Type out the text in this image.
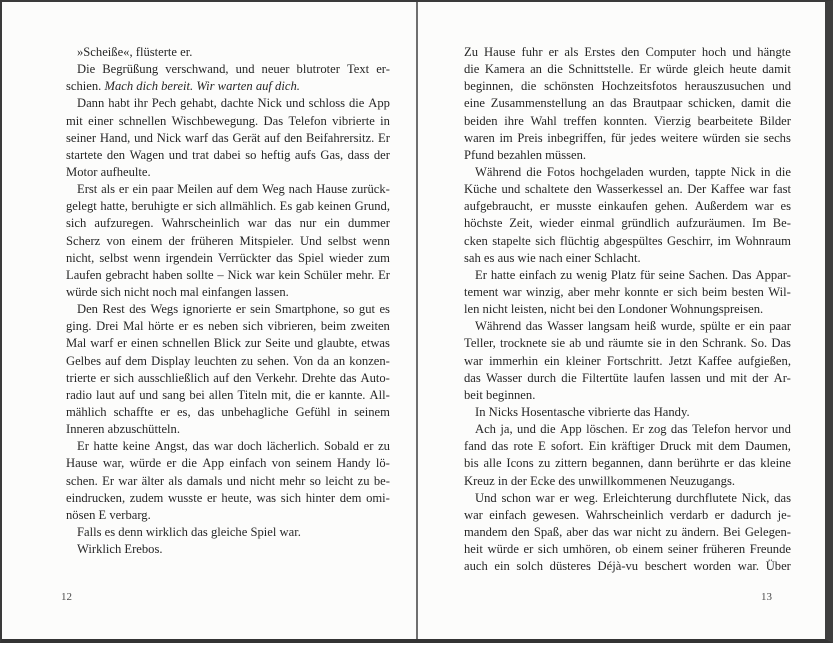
»Scheiße«, flüsterte er.
Die Begrüßung verschwand, und neuer blutroter Text er-
schien. Mach dich bereit. Wir warten auf dich.
Dann habt ihr Pech gehabt, dachte Nick und schloss die App
mit einer schnellen Wischbewegung. Das Telefon vibrierte in
seiner Hand, und Nick warf das Gerät auf den Beifahrersitz. Er
startete den Wagen und trat dabei so heftig aufs Gas, dass der
Motor aufheulte.
Erst als er ein paar Meilen auf dem Weg nach Hause zurück-
gelegt hatte, beruhigte er sich allmählich. Es gab keinen Grund,
sich aufzuregen. Wahrscheinlich war das nur ein dummer
Scherz von einem der früheren Mitspieler. Und selbst wenn
nicht, selbst wenn irgendein Verrückter das Spiel wieder zum
Laufen gebracht haben sollte – Nick war kein Schüler mehr. Er
würde sich nicht noch mal einfangen lassen.
Den Rest des Wegs ignorierte er sein Smartphone, so gut es
ging. Drei Mal hörte er es neben sich vibrieren, beim zweiten
Mal warf er einen schnellen Blick zur Seite und glaubte, etwas
Gelbes auf dem Display leuchten zu sehen. Von da an konzen-
trierte er sich ausschließlich auf den Verkehr. Drehte das Auto-
radio laut auf und sang bei allen Titeln mit, die er kannte. All-
mählich schaffte er es, das unbehagliche Gefühl in seinem
Inneren abzuschütteln.
Er hatte keine Angst, das war doch lächerlich. Sobald er zu
Hause war, würde er die App einfach von seinem Handy lö-
schen. Er war älter als damals und nicht mehr so leicht zu be-
eindrucken, zudem wusste er heute, was sich hinter dem omi-
nösen E verbarg.
Falls es denn wirklich das gleiche Spiel war.
Wirklich Erebos.
Zu Hause fuhr er als Erstes den Computer hoch und hängte
die Kamera an die Schnittstelle. Er würde gleich heute damit
beginnen, die schönsten Hochzeitsfotos herauszusuchen und
eine Zusammenstellung an das Brautpaar schicken, damit die
beiden ihre Wahl treffen konnten. Vierzig bearbeitete Bilder
waren im Preis inbegriffen, für jedes weitere würden sie sechs
Pfund bezahlen müssen.
Während die Fotos hochgeladen wurden, tappte Nick in die
Küche und schaltete den Wasserkessel an. Der Kaffee war fast
aufgebraucht, er musste einkaufen gehen. Außerdem war es
höchste Zeit, wieder einmal gründlich aufzuräumen. Im Be-
cken stapelte sich flüchtig abgespültes Geschirr, im Wohnraum
sah es aus wie nach einer Schlacht.
Er hatte einfach zu wenig Platz für seine Sachen. Das Appar-
tement war winzig, aber mehr konnte er sich beim besten Wil-
len nicht leisten, nicht bei den Londoner Wohnungspreisen.
Während das Wasser langsam heiß wurde, spülte er ein paar
Teller, trocknete sie ab und räumte sie in den Schrank. So. Das
war immerhin ein kleiner Fortschritt. Jetzt Kaffee aufgießen,
das Wasser durch die Filtertüte laufen lassen und mit der Ar-
beit beginnen.
In Nicks Hosentasche vibrierte das Handy.
Ach ja, und die App löschen. Er zog das Telefon hervor und
fand das rote E sofort. Ein kräftiger Druck mit dem Daumen,
bis alle Icons zu zittern begannen, dann berührte er das kleine
Kreuz in der Ecke des unwillkommenen Neuzugangs.
Und schon war er weg. Erleichterung durchflutete Nick, das
war einfach gewesen. Wahrscheinlich verdarb er dadurch je-
mandem den Spaß, aber das war nicht zu ändern. Bei Gelegen-
heit würde er sich umhören, ob einem seiner früheren Freunde
auch ein solch düsteres Déjà-vu beschert worden war. Über
12	13
